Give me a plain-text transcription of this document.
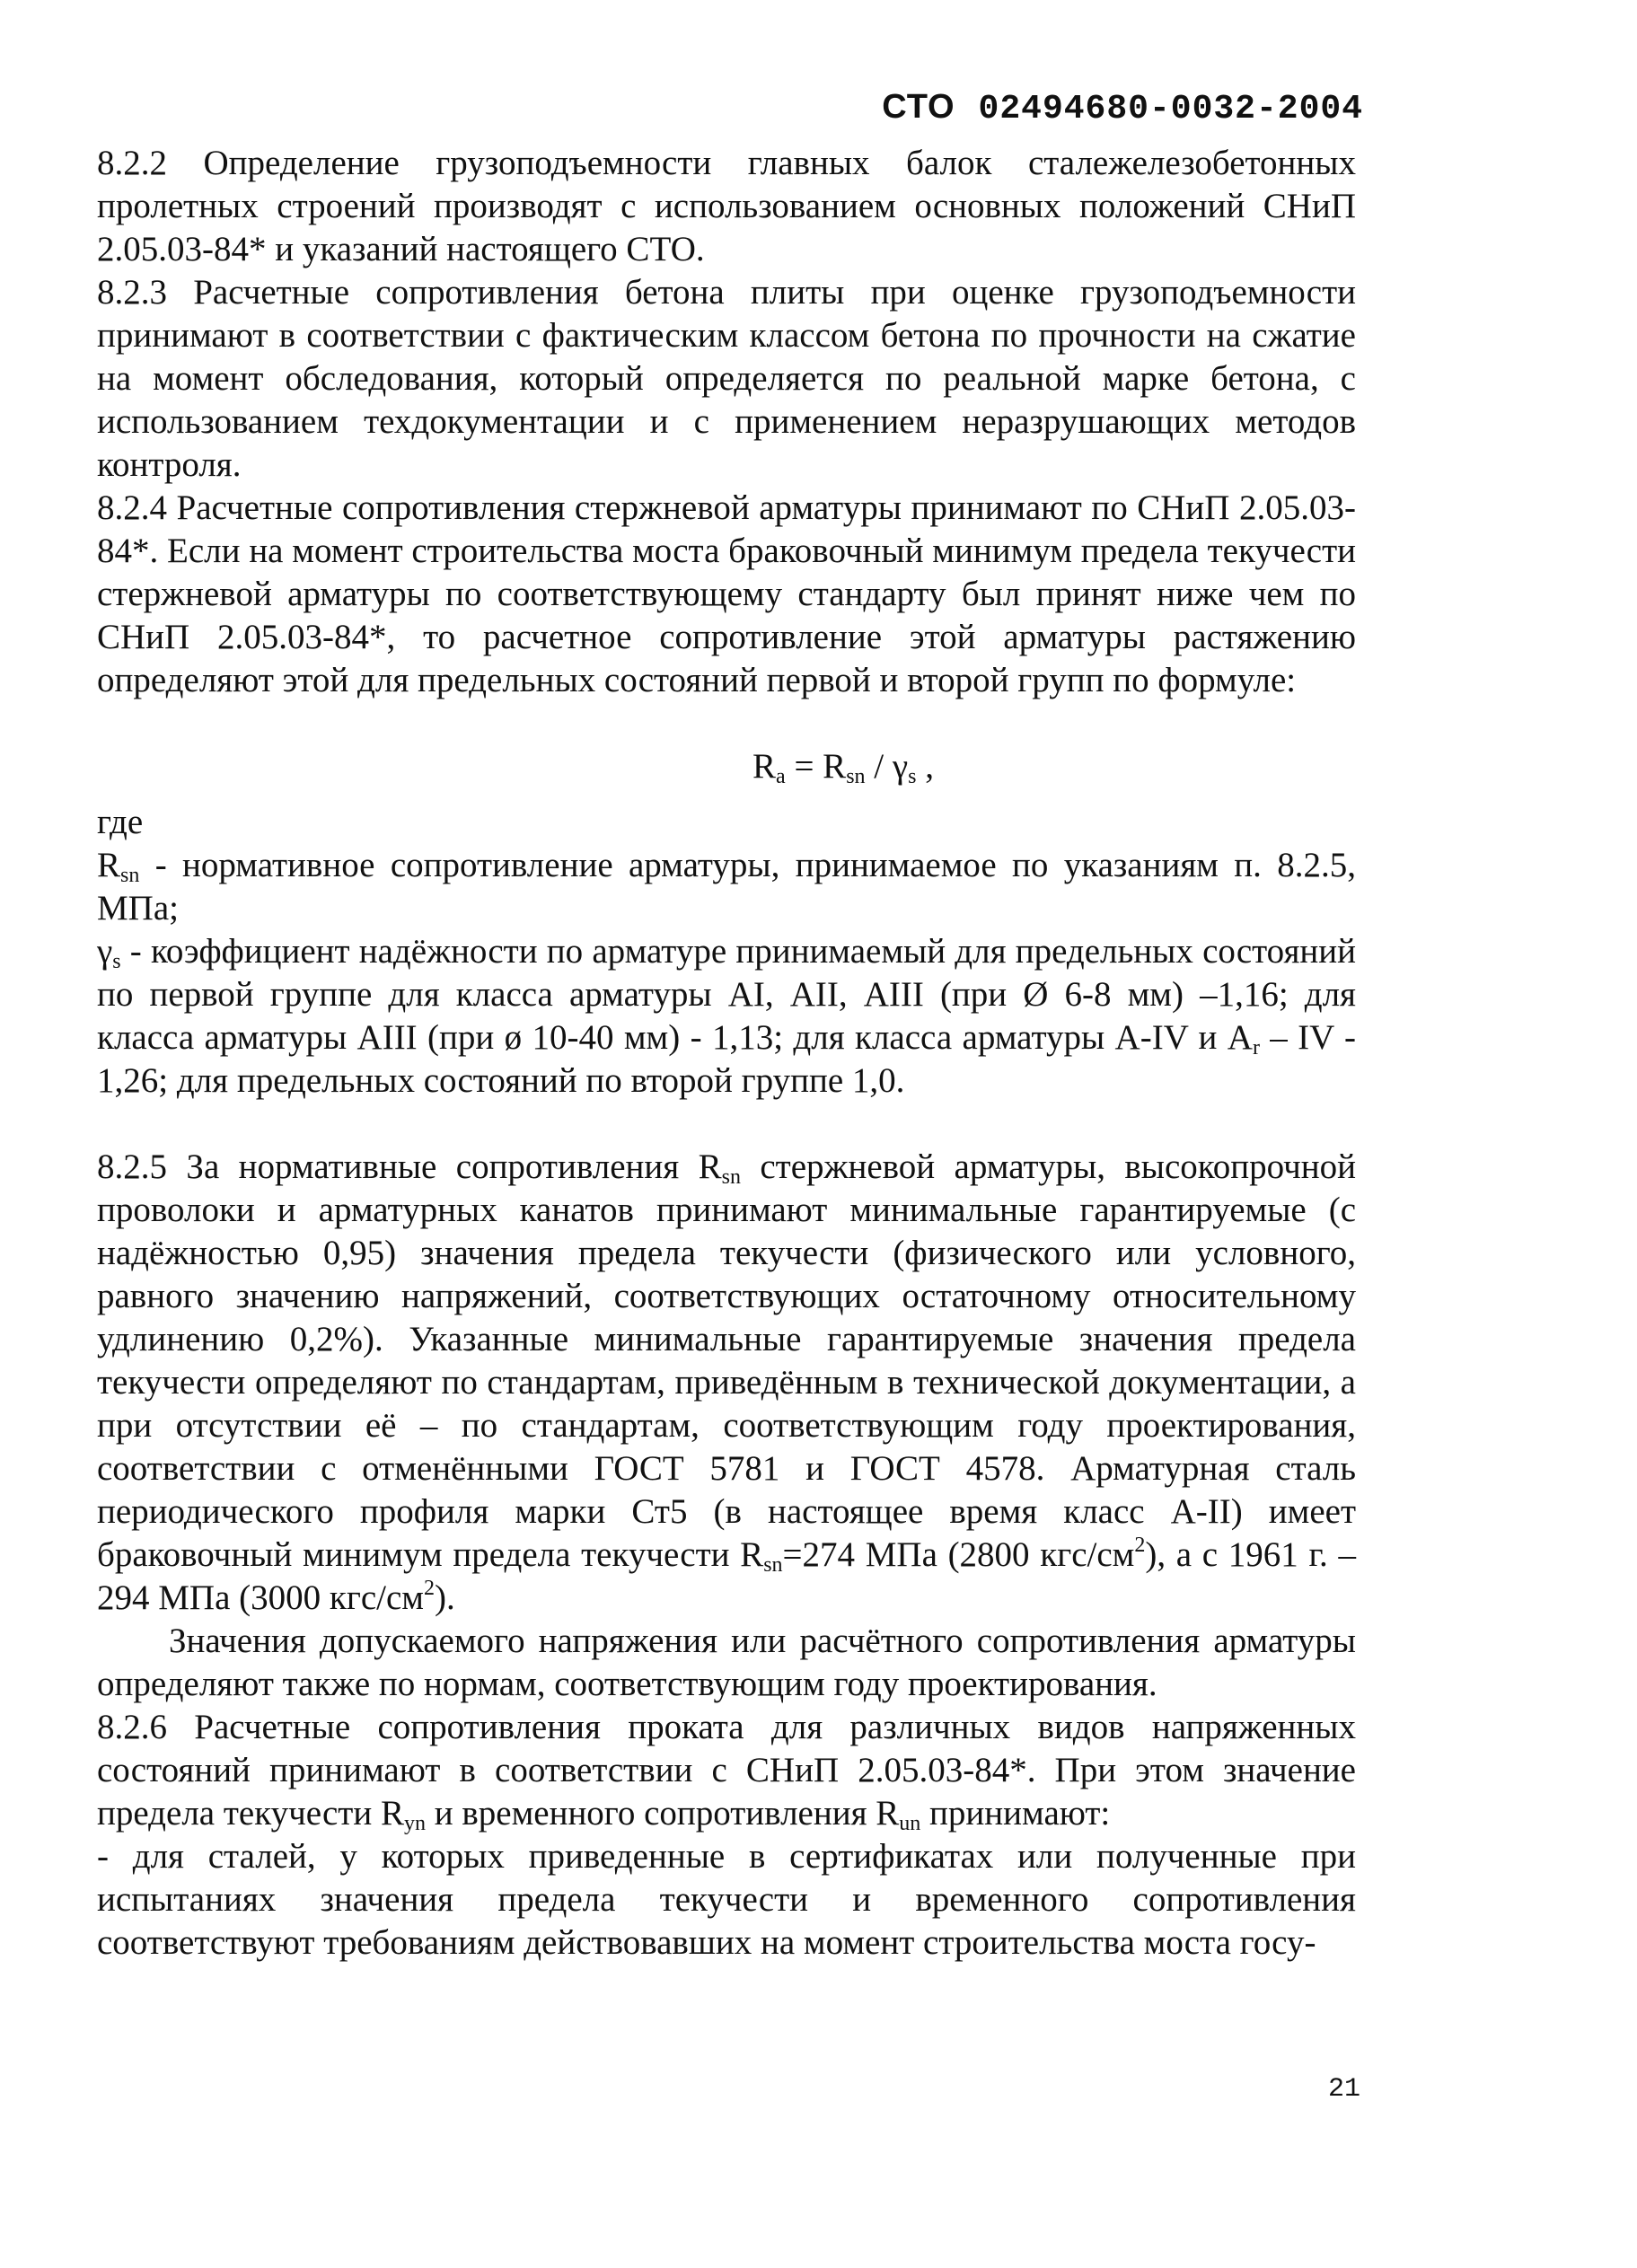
СТО 02494680-0032-2004

8.2.2 Определение грузоподъемности главных балок сталежелезобетонных пролетных строений производят с использованием основных положений СНиП 2.05.03-84* и указаний настоящего СТО.

8.2.3 Расчетные сопротивления бетона плиты при оценке грузоподъемности принимают в соответствии с фактическим классом бетона по прочности на сжатие на момент обследования, который определяется по реальной марке бетона, с использованием техдокументации и с применением неразрушающих методов контроля.

8.2.4 Расчетные сопротивления стержневой арматуры принимают по СНиП 2.05.03-84*. Если на момент строительства моста браковочный минимум предела текучести стержневой арматуры по соответствующему стандарту был принят ниже чем по СНиП 2.05.03-84*, то расчетное сопротивление этой арматуры растяжению определяют этой для предельных состояний первой и второй групп по формуле:

$R_a = R_{sn} / \gamma_s$ ,

где

$R_{sn}$ - нормативное сопротивление арматуры, принимаемое по указаниям п. 8.2.5, МПа;

$\gamma_s$ - коэффициент надёжности по арматуре принимаемый для предельных состояний по первой группе для класса арматуры АI, АII, АIII (при Ø 6-8 мм) –1,16; для класса арматуры АIII (при ø 10-40 мм) - 1,13; для класса арматуры А-IV и $А_r$ – IV - 1,26; для предельных состояний по второй группе 1,0.

8.2.5 За нормативные сопротивления $R_{sn}$ стержневой арматуры, высокопрочной проволоки и арматурных канатов принимают минимальные гарантируемые (с надёжностью 0,95) значения предела текучести (физического или условного, равного значению напряжений, соответствующих остаточному относительному удлинению 0,2%). Указанные минимальные гарантируемые значения предела текучести определяют по стандартам, приведённым в технической документации, а при отсутствии её – по стандартам, соответствующим году проектирования, соответствии с отменёнными ГОСТ 5781 и ГОСТ 4578. Арматурная сталь периодического профиля марки Ст5 (в настоящее время класс А-II) имеет браковочный минимум предела текучести $R_{sn}=274$ МПа (2800 кгс/$см^2$), а с 1961 г. – 294 МПа (3000 кгс/$см^2$).

Значения допускаемого напряжения или расчётного сопротивления арматуры определяют также по нормам, соответствующим году проектирования.

8.2.6 Расчетные сопротивления проката для различных видов напряженных состояний принимают в соответствии с СНиП 2.05.03-84*. При этом значение предела текучести $R_{yn}$ и временного сопротивления $R_{un}$ принимают:

- для сталей, у которых приведенные в сертификатах или полученные при испытаниях значения предела текучести и временного сопротивления соответствуют требованиям действовавших на момент строительства моста госу-

21
